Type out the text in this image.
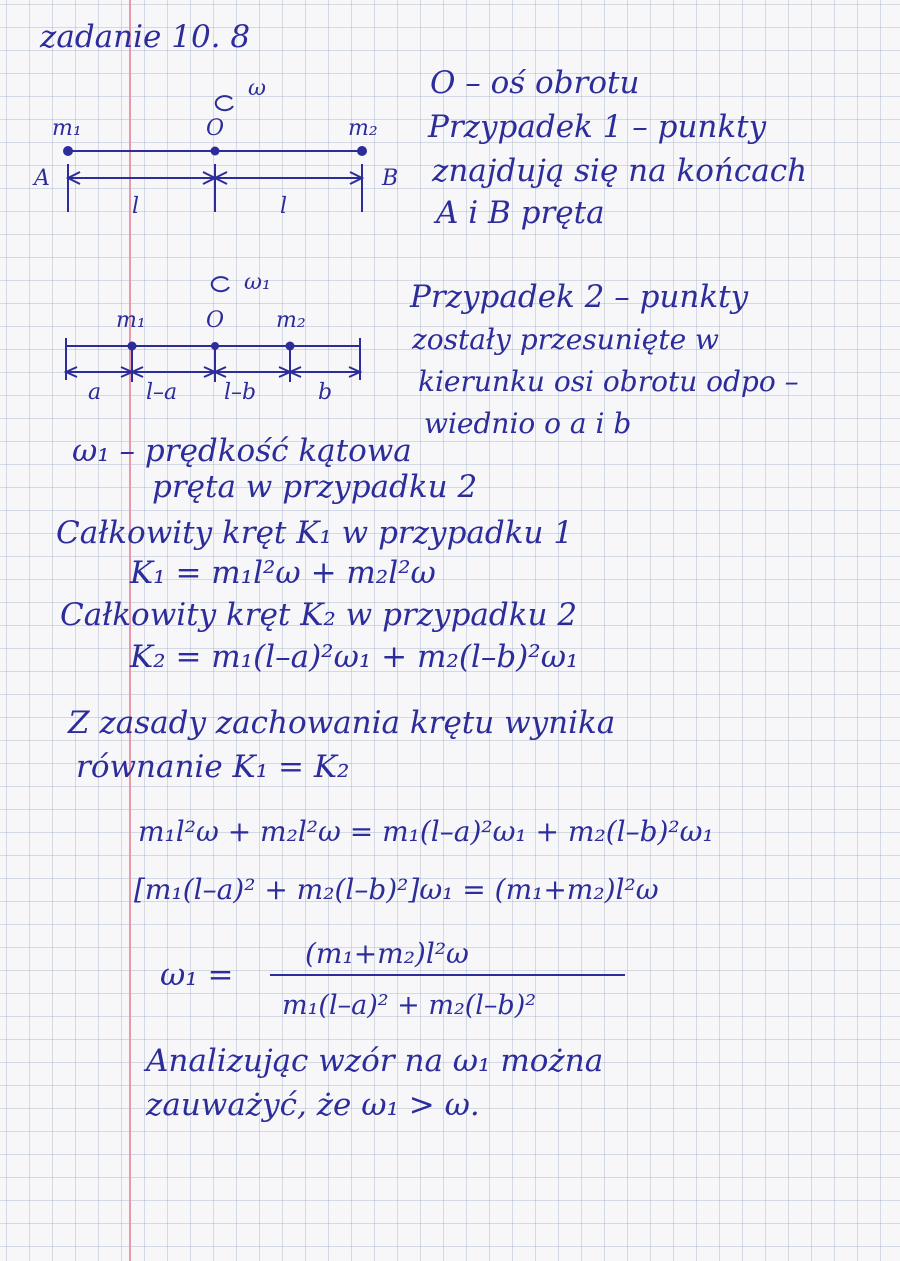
zadanie 10. 8
ω
m₁	O	m₂
A	B
l	l
O – oś obrotu
Przypadek 1 – punkty
znajdują się na końcach
A i B pręta
ω₁
m₁	O m₂
a l–a l–b	b
Przypadek 2 – punkty
zostały przesunięte w
kierunku osi obrotu odpo –
wiednio o a i b
ω₁ – prędkość kątowa
pręta w przypadku 2
Całkowity kręt K₁ w przypadku 1
K₁ = m₁l²ω + m₂l²ω
Całkowity kręt K₂ w przypadku 2
K₂ = m₁(l–a)²ω₁ + m₂(l–b)²ω₁
Z zasady zachowania krętu wynika
równanie K₁ = K₂
m₁l²ω + m₂l²ω = m₁(l–a)²ω₁ + m₂(l–b)²ω₁
[m₁(l–a)² + m₂(l–b)²]ω₁ = (m₁+m₂)l²ω
ω₁ =
(m₁+m₂)l²ω
m₁(l–a)² + m₂(l–b)²
Analizując wzór na ω₁ można
zauważyć, że ω₁ > ω.
